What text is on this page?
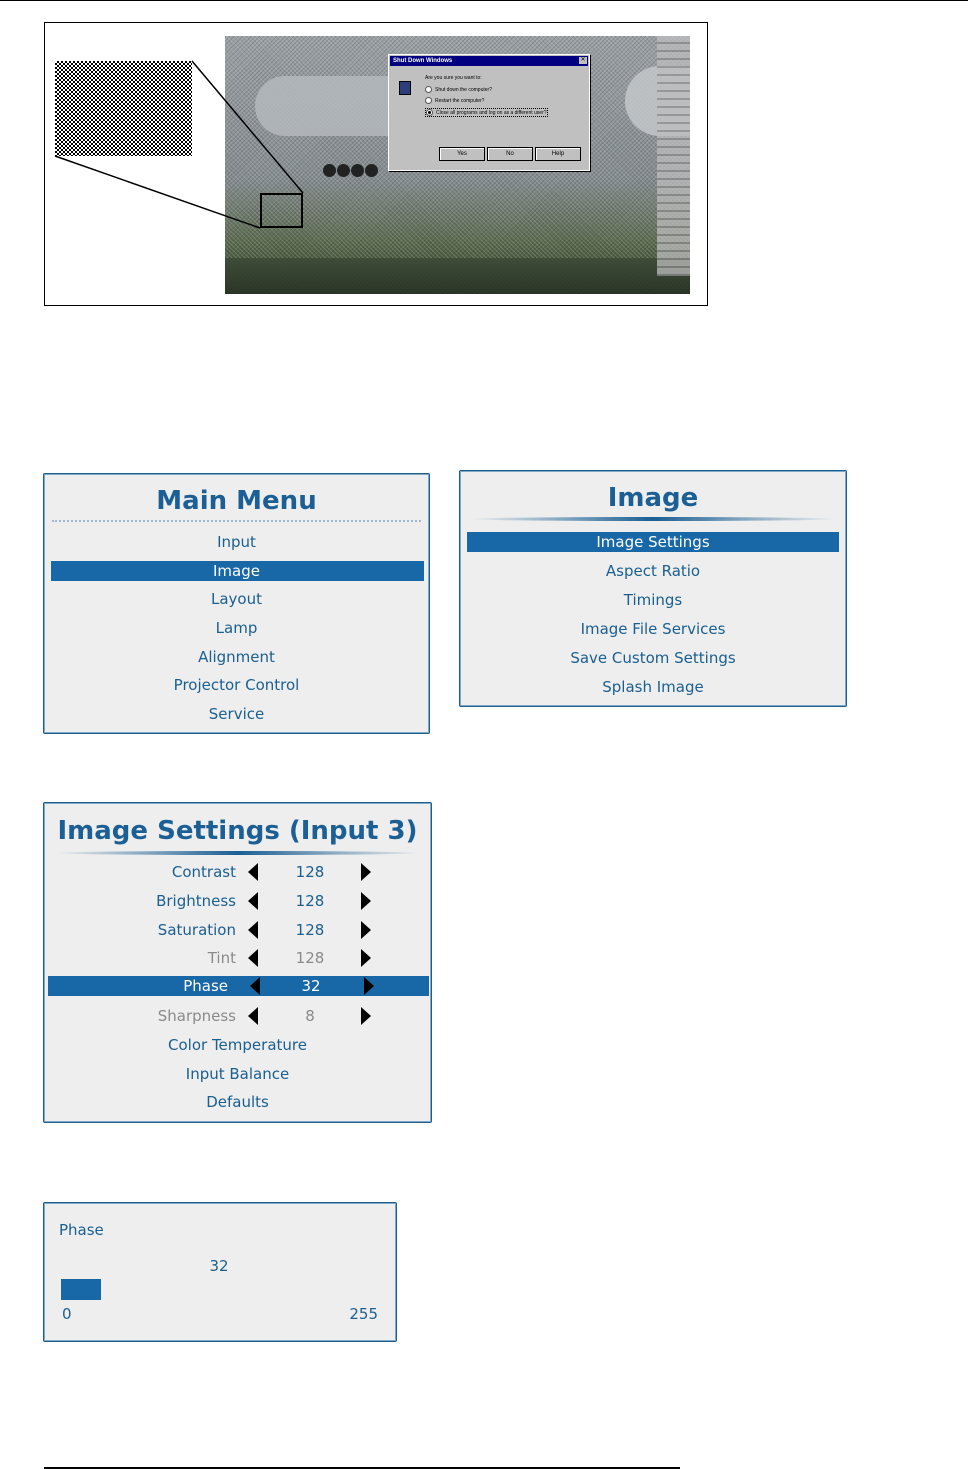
Shut Down Windows	✕
Are you sure you want to:
Shut down the computer?
Restart the computer?
Close all programs and log on as a different user?
Yes	No	Help
Main Menu
Input
Image
Layout
Lamp
Alignment
Projector Control
Service
Image
Image Settings
Aspect Ratio
Timings
Image File Services
Save Custom Settings
Splash Image
Image Settings (Input 3)
Contrast	128
Brightness	128
Saturation	128
Tint	128
Phase	32
Sharpness	8
Color Temperature
Input Balance
Defaults
Phase
32
0	255
